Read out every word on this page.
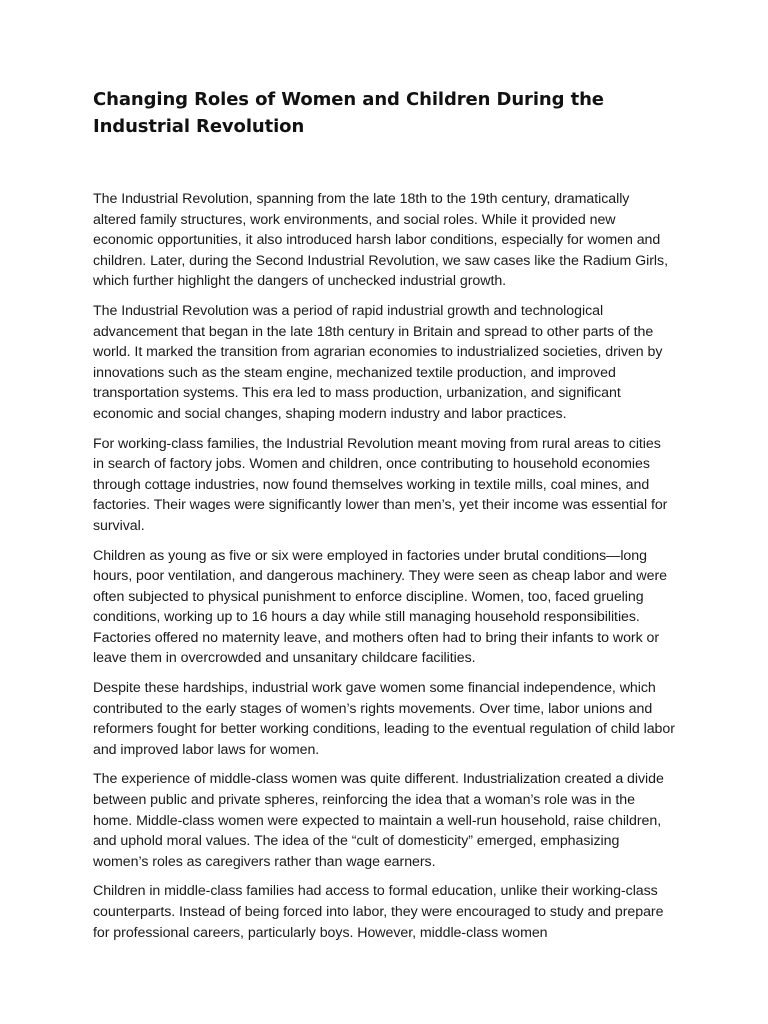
Changing Roles of Women and Children During the Industrial Revolution

The Industrial Revolution, spanning from the late 18th to the 19th century, dramatically altered family structures, work environments, and social roles. While it provided new economic opportunities, it also introduced harsh labor conditions, especially for women and children. Later, during the Second Industrial Revolution, we saw cases like the Radium Girls, which further highlight the dangers of unchecked industrial growth.

The Industrial Revolution was a period of rapid industrial growth and technological advancement that began in the late 18th century in Britain and spread to other parts of the world. It marked the transition from agrarian economies to industrialized societies, driven by innovations such as the steam engine, mechanized textile production, and improved transportation systems. This era led to mass production, urbanization, and significant economic and social changes, shaping modern industry and labor practices.

For working-class families, the Industrial Revolution meant moving from rural areas to cities in search of factory jobs. Women and children, once contributing to household economies through cottage industries, now found themselves working in textile mills, coal mines, and factories. Their wages were significantly lower than men’s, yet their income was essential for survival.

Children as young as five or six were employed in factories under brutal conditions—long hours, poor ventilation, and dangerous machinery. They were seen as cheap labor and were often subjected to physical punishment to enforce discipline. Women, too, faced grueling conditions, working up to 16 hours a day while still managing household responsibilities. Factories offered no maternity leave, and mothers often had to bring their infants to work or leave them in overcrowded and unsanitary childcare facilities.

Despite these hardships, industrial work gave women some financial independence, which contributed to the early stages of women’s rights movements. Over time, labor unions and reformers fought for better working conditions, leading to the eventual regulation of child labor and improved labor laws for women.

The experience of middle-class women was quite different. Industrialization created a divide between public and private spheres, reinforcing the idea that a woman’s role was in the home. Middle-class women were expected to maintain a well-run household, raise children, and uphold moral values. The idea of the “cult of domesticity” emerged, emphasizing women’s roles as caregivers rather than wage earners.

Children in middle-class families had access to formal education, unlike their working-class counterparts. Instead of being forced into labor, they were encouraged to study and prepare for professional careers, particularly boys. However, middle-class women
